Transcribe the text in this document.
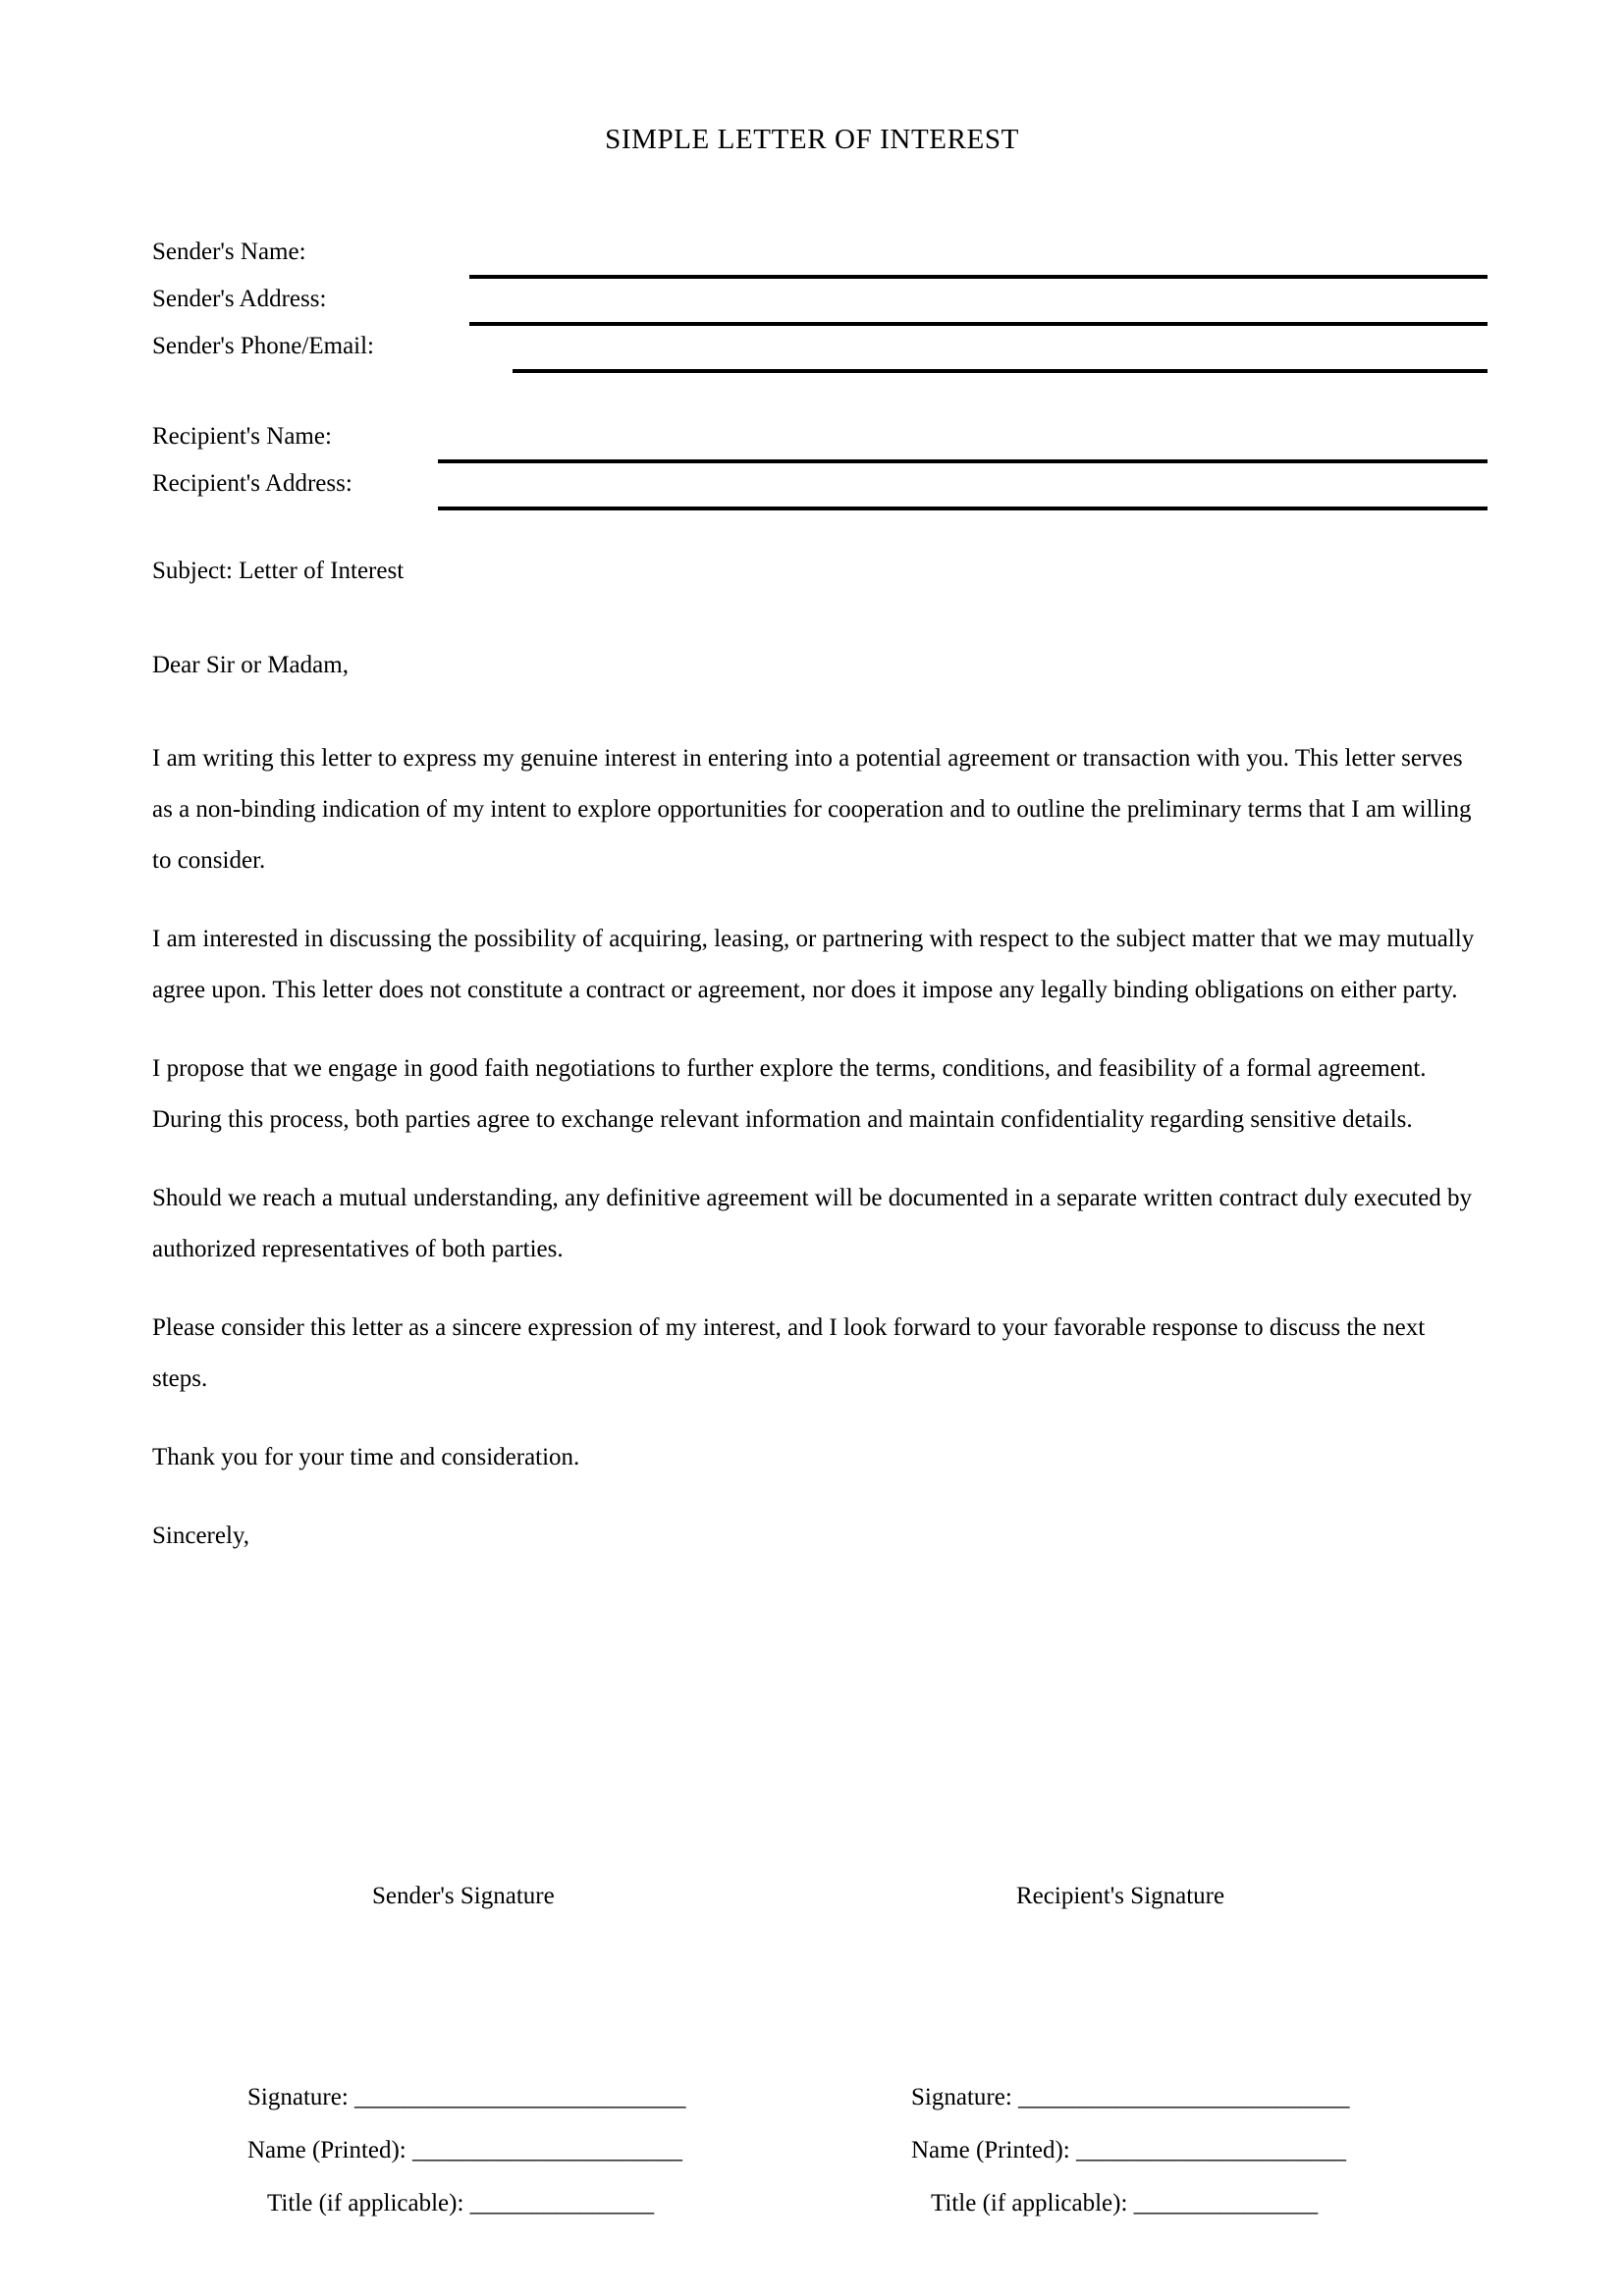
SIMPLE LETTER OF INTEREST
Sender's Name:
Sender's Address:
Sender's Phone/Email:
Recipient's Name:
Recipient's Address:

Subject: Letter of Interest

Dear Sir or Madam,

I am writing this letter to express my genuine interest in entering into a potential agreement or transaction with you. This letter serves as a non-binding indication of my intent to explore opportunities for cooperation and to outline the preliminary terms that I am willing to consider.

I am interested in discussing the possibility of acquiring, leasing, or partnering with respect to the subject matter that we may mutually agree upon. This letter does not constitute a contract or agreement, nor does it impose any legally binding obligations on either party.

I propose that we engage in good faith negotiations to further explore the terms, conditions, and feasibility of a formal agreement. During this process, both parties agree to exchange relevant information and maintain confidentiality regarding sensitive details.

Should we reach a mutual understanding, any definitive agreement will be documented in a separate written contract duly executed by authorized representatives of both parties.

Please consider this letter as a sincere expression of my interest, and I look forward to your favorable response to discuss the next steps.

Thank you for your time and consideration.

Sincerely,

Sender's Signature	Recipient's Signature
Signature: ___________________________
Name (Printed): ______________________
Title (if applicable): _______________
Signature: ___________________________
Name (Printed): ______________________
Title (if applicable): _______________
